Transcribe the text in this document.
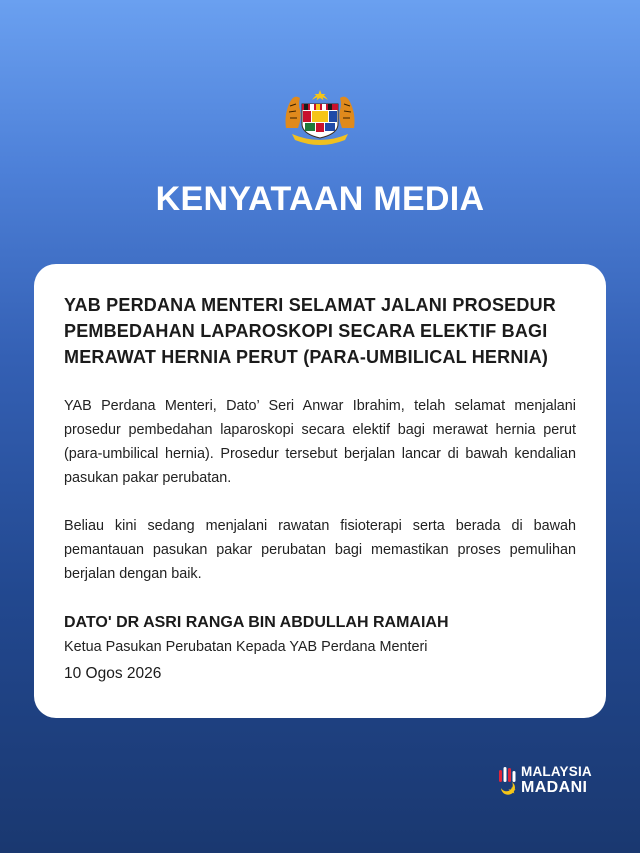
KENYATAAN MEDIA

YAB PERDANA MENTERI SELAMAT JALANI PROSEDUR PEMBEDAHAN LAPAROSKOPI SECARA ELEKTIF BAGI MERAWAT HERNIA PERUT (PARA-UMBILICAL HERNIA)

YAB Perdana Menteri, Dato’ Seri Anwar Ibrahim, telah selamat menjalani prosedur pembedahan laparoskopi secara elektif bagi merawat hernia perut (para-umbilical hernia). Prosedur tersebut berjalan lancar di bawah kendalian pasukan pakar perubatan.

Beliau kini sedang menjalani rawatan fisioterapi serta berada di bawah pemantauan pasukan pakar perubatan bagi memastikan proses pemulihan berjalan dengan baik.

DATO' DR ASRI RANGA BIN ABDULLAH RAMAIAH

Ketua Pasukan Perubatan Kepada YAB Perdana Menteri

10 Ogos 2026

MALAYSIA
MADANI
